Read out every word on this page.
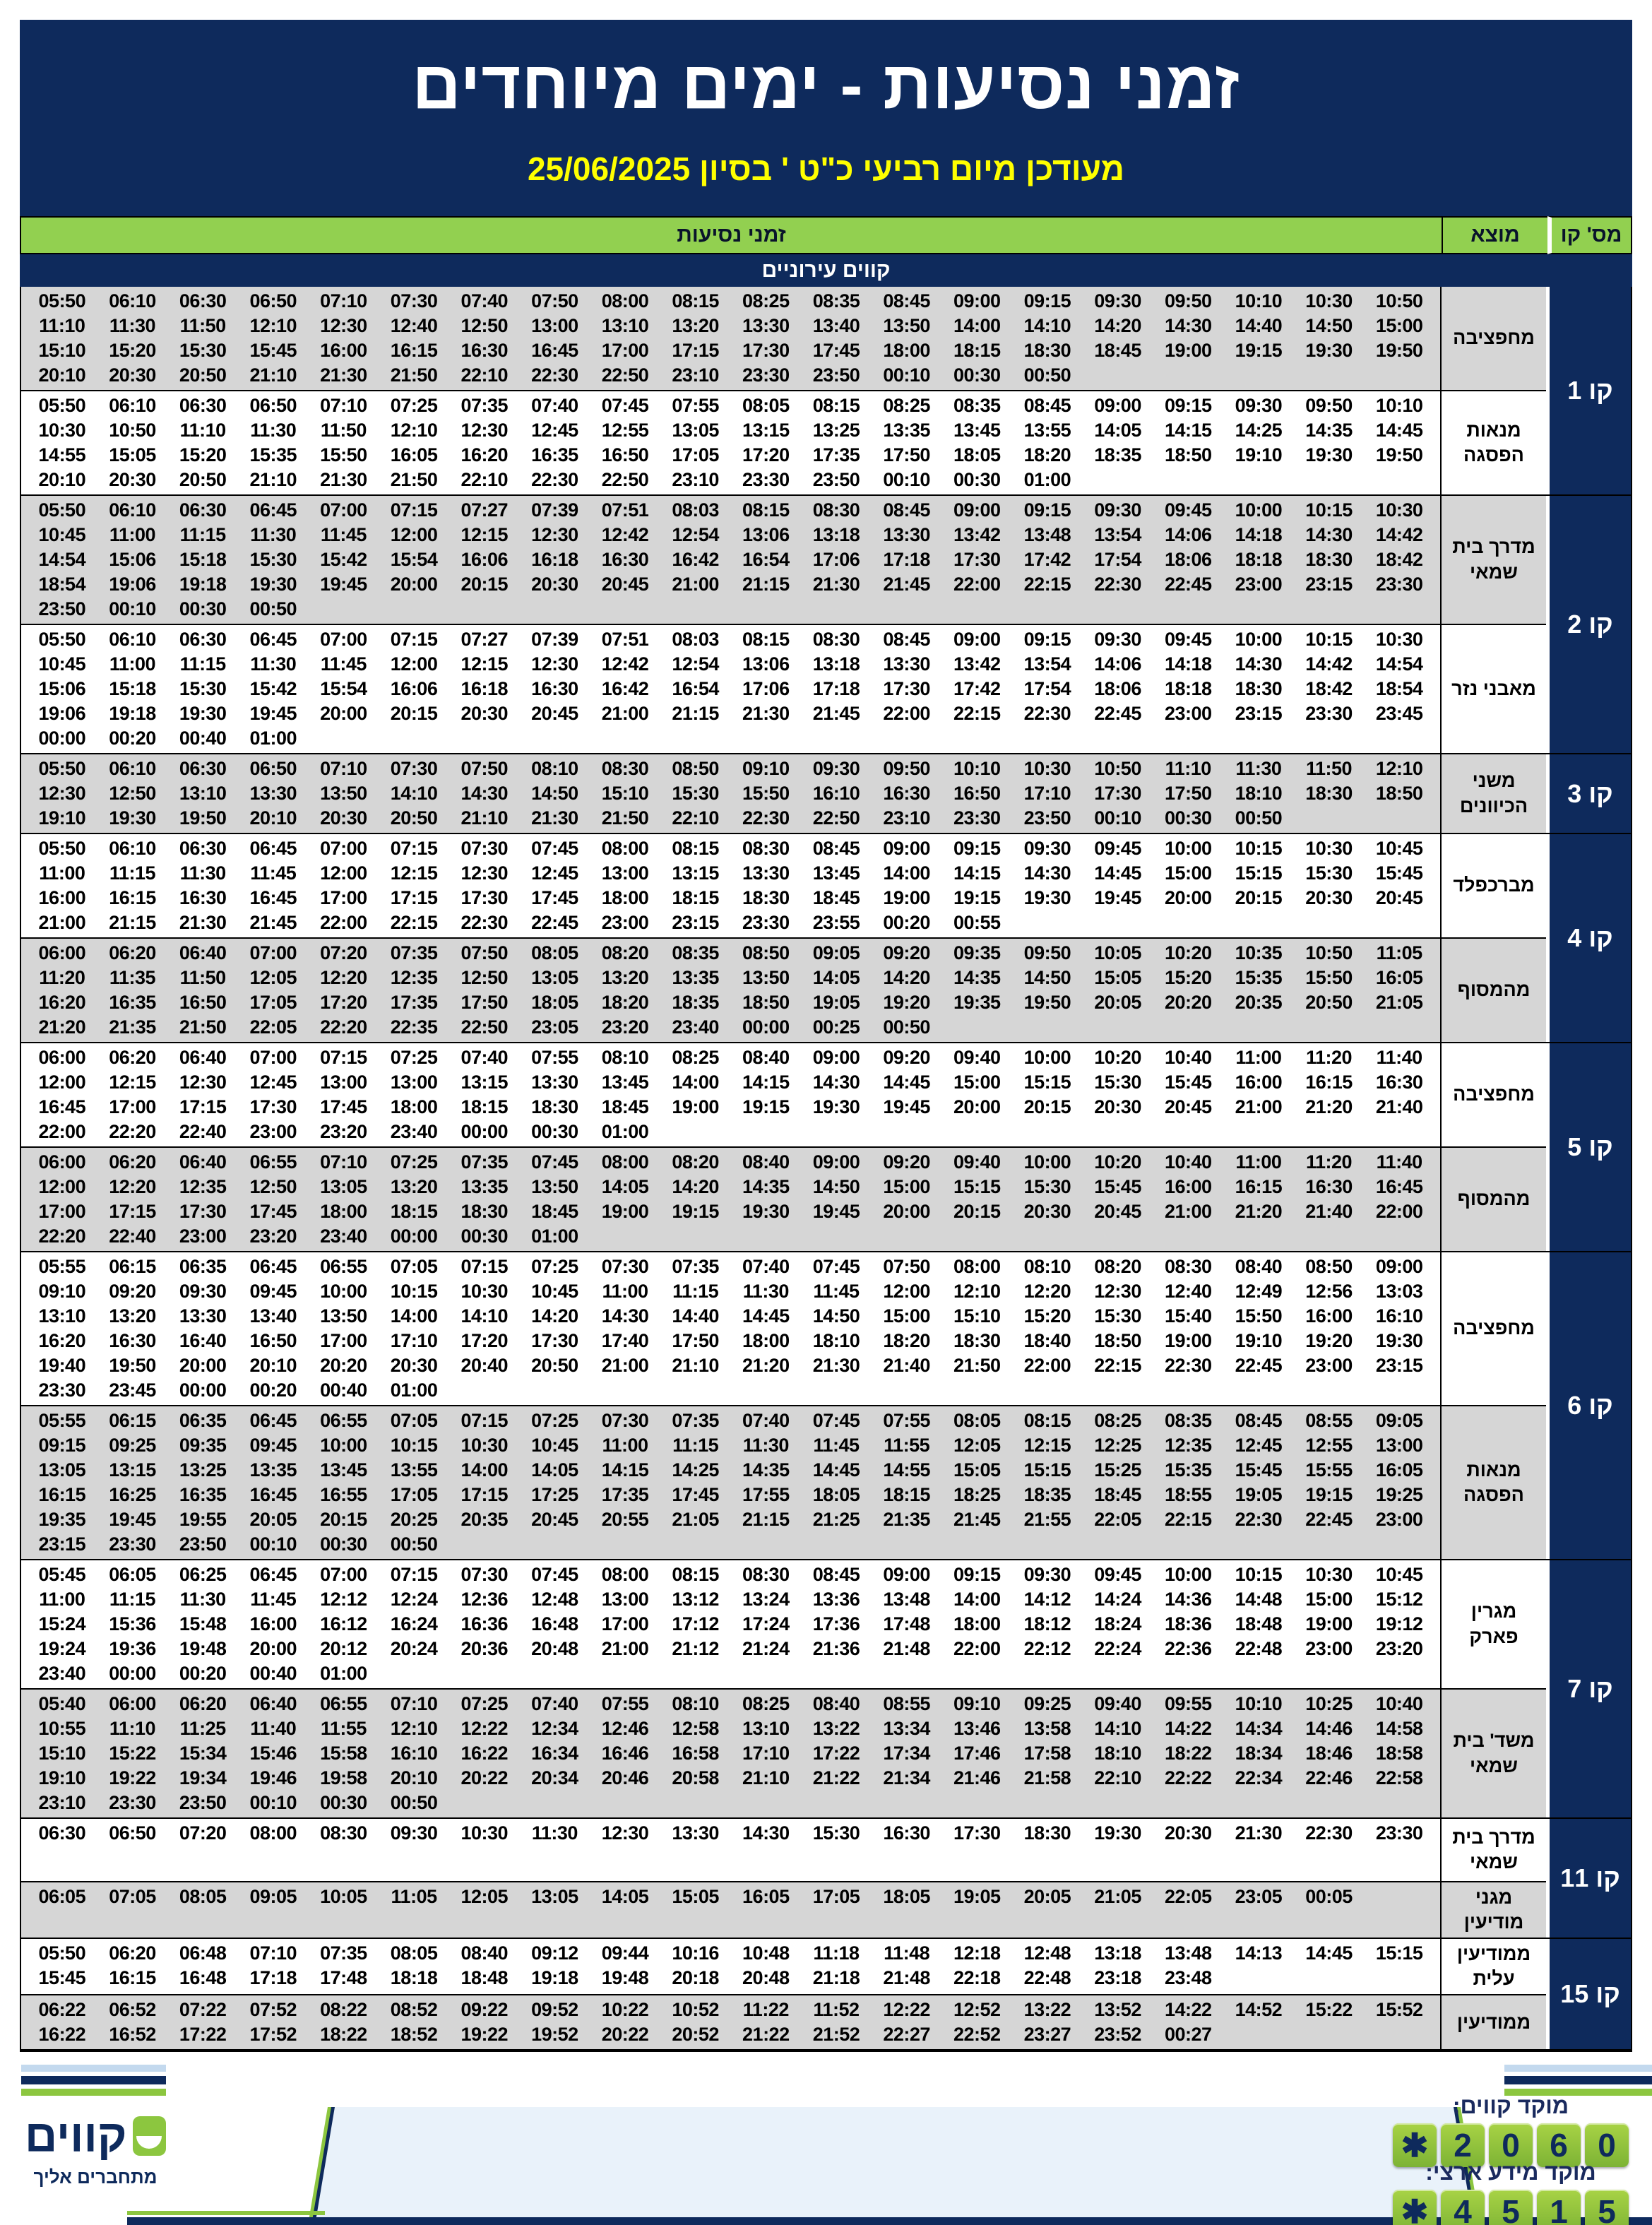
זמני נסיעות - ימים מיוחדים
מעודכן מיום רביעי כ"ט ' בסיון 25/06/2025
מס' קו
מוצא
זמני נסיעות
קווים עירוניים
קו 1
מחפציבה
05:50	06:10	06:30	06:50	07:10	07:30	07:40	07:50	08:00	08:15	08:25	08:35	08:45	09:00	09:15	09:30	09:50	10:10	10:30	10:50
11:10	11:30	11:50	12:10	12:30	12:40	12:50	13:00	13:10	13:20	13:30	13:40	13:50	14:00	14:10	14:20	14:30	14:40	14:50	15:00
15:10	15:20	15:30	15:45	16:00	16:15	16:30	16:45	17:00	17:15	17:30	17:45	18:00	18:15	18:30	18:45	19:00	19:15	19:30	19:50
20:10	20:30	20:50	21:10	21:30	21:50	22:10	22:30	22:50	23:10	23:30	23:50	00:10	00:30	00:50
מנאות הפסגה
05:50	06:10	06:30	06:50	07:10	07:25	07:35	07:40	07:45	07:55	08:05	08:15	08:25	08:35	08:45	09:00	09:15	09:30	09:50	10:10
10:30	10:50	11:10	11:30	11:50	12:10	12:30	12:45	12:55	13:05	13:15	13:25	13:35	13:45	13:55	14:05	14:15	14:25	14:35	14:45
14:55	15:05	15:20	15:35	15:50	16:05	16:20	16:35	16:50	17:05	17:20	17:35	17:50	18:05	18:20	18:35	18:50	19:10	19:30	19:50
20:10	20:30	20:50	21:10	21:30	21:50	22:10	22:30	22:50	23:10	23:30	23:50	00:10	00:30	01:00
קו 2
מדרך בית שמאי
05:50	06:10	06:30	06:45	07:00	07:15	07:27	07:39	07:51	08:03	08:15	08:30	08:45	09:00	09:15	09:30	09:45	10:00	10:15	10:30
10:45	11:00	11:15	11:30	11:45	12:00	12:15	12:30	12:42	12:54	13:06	13:18	13:30	13:42	13:48	13:54	14:06	14:18	14:30	14:42
14:54	15:06	15:18	15:30	15:42	15:54	16:06	16:18	16:30	16:42	16:54	17:06	17:18	17:30	17:42	17:54	18:06	18:18	18:30	18:42
18:54	19:06	19:18	19:30	19:45	20:00	20:15	20:30	20:45	21:00	21:15	21:30	21:45	22:00	22:15	22:30	22:45	23:00	23:15	23:30
23:50	00:10	00:30	00:50
מאבני נזר
05:50	06:10	06:30	06:45	07:00	07:15	07:27	07:39	07:51	08:03	08:15	08:30	08:45	09:00	09:15	09:30	09:45	10:00	10:15	10:30
10:45	11:00	11:15	11:30	11:45	12:00	12:15	12:30	12:42	12:54	13:06	13:18	13:30	13:42	13:54	14:06	14:18	14:30	14:42	14:54
15:06	15:18	15:30	15:42	15:54	16:06	16:18	16:30	16:42	16:54	17:06	17:18	17:30	17:42	17:54	18:06	18:18	18:30	18:42	18:54
19:06	19:18	19:30	19:45	20:00	20:15	20:30	20:45	21:00	21:15	21:30	21:45	22:00	22:15	22:30	22:45	23:00	23:15	23:30	23:45
00:00	00:20	00:40	01:00
קו 3
משני הכיוונים
05:50	06:10	06:30	06:50	07:10	07:30	07:50	08:10	08:30	08:50	09:10	09:30	09:50	10:10	10:30	10:50	11:10	11:30	11:50	12:10
12:30	12:50	13:10	13:30	13:50	14:10	14:30	14:50	15:10	15:30	15:50	16:10	16:30	16:50	17:10	17:30	17:50	18:10	18:30	18:50
19:10	19:30	19:50	20:10	20:30	20:50	21:10	21:30	21:50	22:10	22:30	22:50	23:10	23:30	23:50	00:10	00:30	00:50
קו 4
מברכפלד
05:50	06:10	06:30	06:45	07:00	07:15	07:30	07:45	08:00	08:15	08:30	08:45	09:00	09:15	09:30	09:45	10:00	10:15	10:30	10:45
11:00	11:15	11:30	11:45	12:00	12:15	12:30	12:45	13:00	13:15	13:30	13:45	14:00	14:15	14:30	14:45	15:00	15:15	15:30	15:45
16:00	16:15	16:30	16:45	17:00	17:15	17:30	17:45	18:00	18:15	18:30	18:45	19:00	19:15	19:30	19:45	20:00	20:15	20:30	20:45
21:00	21:15	21:30	21:45	22:00	22:15	22:30	22:45	23:00	23:15	23:30	23:55	00:20	00:55
מהמסוף
06:00	06:20	06:40	07:00	07:20	07:35	07:50	08:05	08:20	08:35	08:50	09:05	09:20	09:35	09:50	10:05	10:20	10:35	10:50	11:05
11:20	11:35	11:50	12:05	12:20	12:35	12:50	13:05	13:20	13:35	13:50	14:05	14:20	14:35	14:50	15:05	15:20	15:35	15:50	16:05
16:20	16:35	16:50	17:05	17:20	17:35	17:50	18:05	18:20	18:35	18:50	19:05	19:20	19:35	19:50	20:05	20:20	20:35	20:50	21:05
21:20	21:35	21:50	22:05	22:20	22:35	22:50	23:05	23:20	23:40	00:00	00:25	00:50
קו 5
מחפציבה
06:00	06:20	06:40	07:00	07:15	07:25	07:40	07:55	08:10	08:25	08:40	09:00	09:20	09:40	10:00	10:20	10:40	11:00	11:20	11:40
12:00	12:15	12:30	12:45	13:00	13:00	13:15	13:30	13:45	14:00	14:15	14:30	14:45	15:00	15:15	15:30	15:45	16:00	16:15	16:30
16:45	17:00	17:15	17:30	17:45	18:00	18:15	18:30	18:45	19:00	19:15	19:30	19:45	20:00	20:15	20:30	20:45	21:00	21:20	21:40
22:00	22:20	22:40	23:00	23:20	23:40	00:00	00:30	01:00
מהמסוף
06:00	06:20	06:40	06:55	07:10	07:25	07:35	07:45	08:00	08:20	08:40	09:00	09:20	09:40	10:00	10:20	10:40	11:00	11:20	11:40
12:00	12:20	12:35	12:50	13:05	13:20	13:35	13:50	14:05	14:20	14:35	14:50	15:00	15:15	15:30	15:45	16:00	16:15	16:30	16:45
17:00	17:15	17:30	17:45	18:00	18:15	18:30	18:45	19:00	19:15	19:30	19:45	20:00	20:15	20:30	20:45	21:00	21:20	21:40	22:00
22:20	22:40	23:00	23:20	23:40	00:00	00:30	01:00
קו 6
מחפציבה
05:55	06:15	06:35	06:45	06:55	07:05	07:15	07:25	07:30	07:35	07:40	07:45	07:50	08:00	08:10	08:20	08:30	08:40	08:50	09:00
09:10	09:20	09:30	09:45	10:00	10:15	10:30	10:45	11:00	11:15	11:30	11:45	12:00	12:10	12:20	12:30	12:40	12:49	12:56	13:03
13:10	13:20	13:30	13:40	13:50	14:00	14:10	14:20	14:30	14:40	14:45	14:50	15:00	15:10	15:20	15:30	15:40	15:50	16:00	16:10
16:20	16:30	16:40	16:50	17:00	17:10	17:20	17:30	17:40	17:50	18:00	18:10	18:20	18:30	18:40	18:50	19:00	19:10	19:20	19:30
19:40	19:50	20:00	20:10	20:20	20:30	20:40	20:50	21:00	21:10	21:20	21:30	21:40	21:50	22:00	22:15	22:30	22:45	23:00	23:15
23:30	23:45	00:00	00:20	00:40	01:00
מנאות הפסגה
05:55	06:15	06:35	06:45	06:55	07:05	07:15	07:25	07:30	07:35	07:40	07:45	07:55	08:05	08:15	08:25	08:35	08:45	08:55	09:05
09:15	09:25	09:35	09:45	10:00	10:15	10:30	10:45	11:00	11:15	11:30	11:45	11:55	12:05	12:15	12:25	12:35	12:45	12:55	13:00
13:05	13:15	13:25	13:35	13:45	13:55	14:00	14:05	14:15	14:25	14:35	14:45	14:55	15:05	15:15	15:25	15:35	15:45	15:55	16:05
16:15	16:25	16:35	16:45	16:55	17:05	17:15	17:25	17:35	17:45	17:55	18:05	18:15	18:25	18:35	18:45	18:55	19:05	19:15	19:25
19:35	19:45	19:55	20:05	20:15	20:25	20:35	20:45	20:55	21:05	21:15	21:25	21:35	21:45	21:55	22:05	22:15	22:30	22:45	23:00
23:15	23:30	23:50	00:10	00:30	00:50
קו 7
מגרין פארק
05:45	06:05	06:25	06:45	07:00	07:15	07:30	07:45	08:00	08:15	08:30	08:45	09:00	09:15	09:30	09:45	10:00	10:15	10:30	10:45
11:00	11:15	11:30	11:45	12:12	12:24	12:36	12:48	13:00	13:12	13:24	13:36	13:48	14:00	14:12	14:24	14:36	14:48	15:00	15:12
15:24	15:36	15:48	16:00	16:12	16:24	16:36	16:48	17:00	17:12	17:24	17:36	17:48	18:00	18:12	18:24	18:36	18:48	19:00	19:12
19:24	19:36	19:48	20:00	20:12	20:24	20:36	20:48	21:00	21:12	21:24	21:36	21:48	22:00	22:12	22:24	22:36	22:48	23:00	23:20
23:40	00:00	00:20	00:40	01:00
משד' בית שמאי
05:40	06:00	06:20	06:40	06:55	07:10	07:25	07:40	07:55	08:10	08:25	08:40	08:55	09:10	09:25	09:40	09:55	10:10	10:25	10:40
10:55	11:10	11:25	11:40	11:55	12:10	12:22	12:34	12:46	12:58	13:10	13:22	13:34	13:46	13:58	14:10	14:22	14:34	14:46	14:58
15:10	15:22	15:34	15:46	15:58	16:10	16:22	16:34	16:46	16:58	17:10	17:22	17:34	17:46	17:58	18:10	18:22	18:34	18:46	18:58
19:10	19:22	19:34	19:46	19:58	20:10	20:22	20:34	20:46	20:58	21:10	21:22	21:34	21:46	21:58	22:10	22:22	22:34	22:46	22:58
23:10	23:30	23:50	00:10	00:30	00:50
קו 11
מדרך בית שמאי
06:30	06:50	07:20	08:00	08:30	09:30	10:30	11:30	12:30	13:30	14:30	15:30	16:30	17:30	18:30	19:30	20:30	21:30	22:30	23:30
מגני מודיעין
06:05	07:05	08:05	09:05	10:05	11:05	12:05	13:05	14:05	15:05	16:05	17:05	18:05	19:05	20:05	21:05	22:05	23:05	00:05
קו 15
ממודיעין עלית
05:50	06:20	06:48	07:10	07:35	08:05	08:40	09:12	09:44	10:16	10:48	11:18	11:48	12:18	12:48	13:18	13:48	14:13	14:45	15:15
15:45	16:15	16:48	17:18	17:48	18:18	18:48	19:18	19:48	20:18	20:48	21:18	21:48	22:18	22:48	23:18	23:48
ממודיעין
06:22	06:52	07:22	07:52	08:22	08:52	09:22	09:52	10:22	10:52	11:22	11:52	12:22	12:52	13:22	13:52	14:22	14:52	15:22	15:52
16:22	16:52	17:22	17:52	18:22	18:52	19:22	19:52	20:22	20:52	21:22	21:52	22:27	22:52	23:27	23:52	00:27
קווים
מתחברים אליך
מוקד קווים:
✱ 2 0 6 0
מוקד מידע ארצי:
✱ 4 5 1 5
